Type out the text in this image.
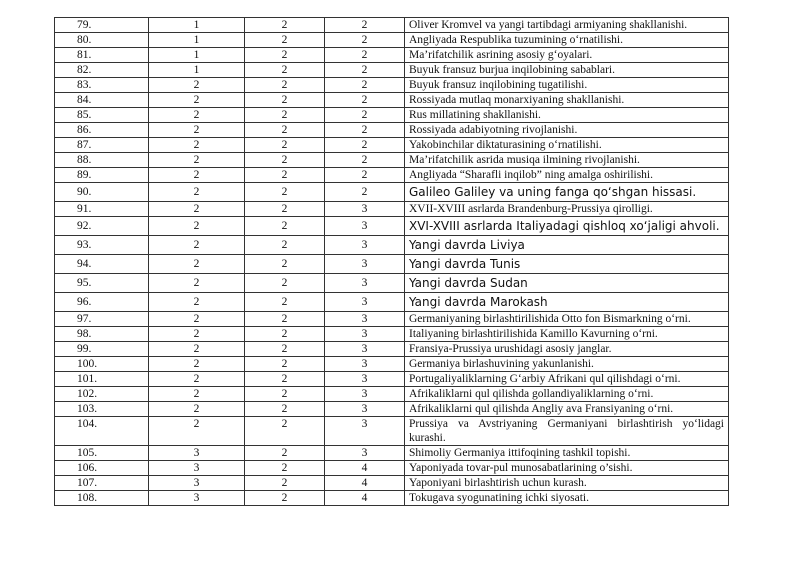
79.	1	2	2	Oliver Kromvel va yangi tartibdagi armiyaning shakllanishi.
80.	1	2	2	Angliyada Respublika tuzumining o‘rnatilishi.
81.	1	2	2	Ma’rifatchilik asrining asosiy g‘oyalari.
82.	1	2	2	Buyuk fransuz burjua inqilobining sabablari.
83.	2	2	2	Buyuk fransuz inqilobining tugatilishi.
84.	2	2	2	Rossiyada mutlaq monarxiyaning shakllanishi.
85.	2	2	2	Rus millatining shakllanishi.
86.	2	2	2	Rossiyada adabiyotning rivojlanishi.
87.	2	2	2	Yakobinchilar diktaturasining o‘rnatilishi.
88.	2	2	2	Ma’rifatchilik asrida musiqa ilmining rivojlanishi.
89.	2	2	2	Angliyada “Sharafli inqilob” ning amalga oshirilishi.
90.	2	2	2	Galileo Galiley va uning fanga qo‘shgan hissasi.
91.	2	2	3	XVII-XVIII asrlarda Brandenburg-Prussiya qirolligi.
92.	2	2	3	XVI-XVIII asrlarda Italiyadagi qishloq xo‘jaligi ahvoli.
93.	2	2	3	Yangi davrda Liviya
94.	2	2	3	Yangi davrda Tunis
95.	2	2	3	Yangi davrda Sudan
96.	2	2	3	Yangi davrda Marokash
97.	2	2	3	Germaniyaning birlashtirilishida Otto fon Bismarkning o‘rni.
98.	2	2	3	Italiyaning birlashtirilishida Kamillo Kavurning o‘rni.
99.	2	2	3	Fransiya-Prussiya urushidagi asosiy janglar.
100.	2	2	3	Germaniya birlashuvining yakunlanishi.
101.	2	2	3	Portugaliyaliklarning G‘arbiy Afrikani qul qilishdagi o‘rni.
102.	2	2	3	Afrikaliklarni qul qilishda gollandiyaliklarning o‘rni.
103.	2	2	3	Afrikaliklarni qul qilishda Angliy ava Fransiyaning o‘rni.
104.	2	2	3	Prussiya va Avstriyaning Germaniyani birlashtirish yo‘lidagi kurashi.
105.	3	2	3	Shimoliy Germaniya ittifoqining tashkil topishi.
106.	3	2	4	Yaponiyada tovar-pul munosabatlarining o’sishi.
107.	3	2	4	Yaponiyani birlashtirish uchun kurash.
108.	3	2	4	Tokugava syogunatining ichki siyosati.
